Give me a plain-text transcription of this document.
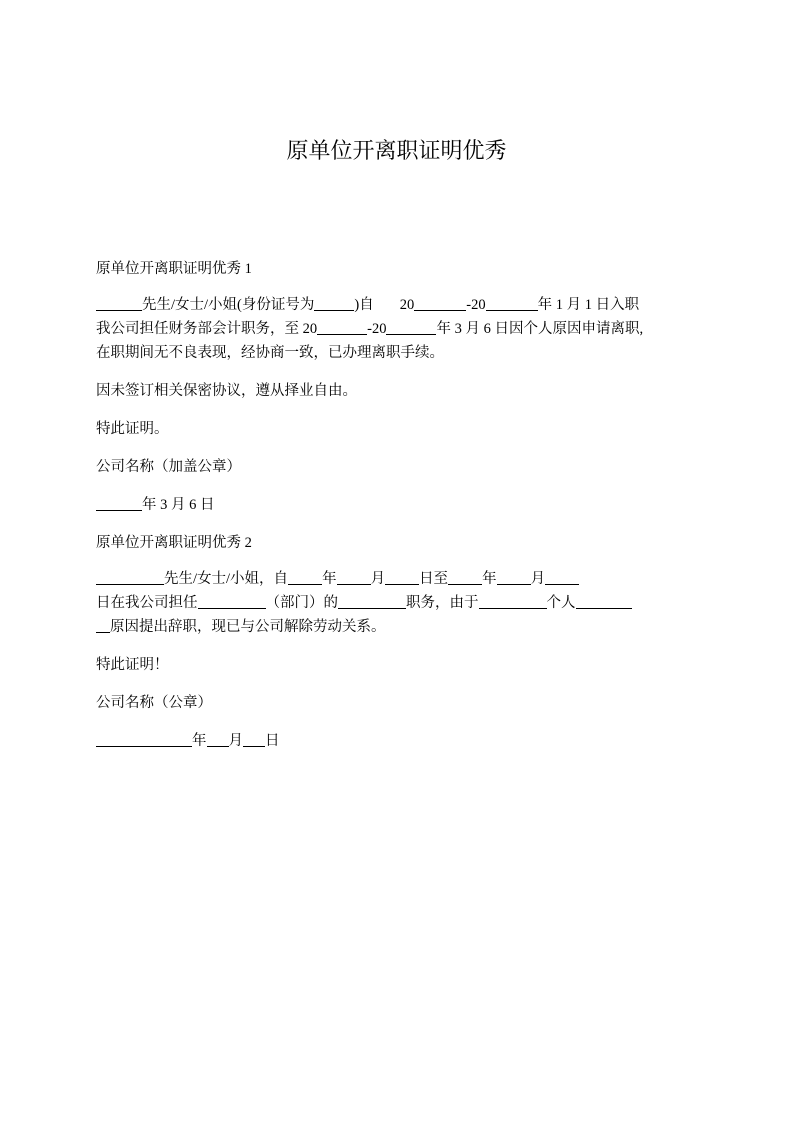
原单位开离职证明优秀

原单位开离职证明优秀 1

先生/女士/小姐(身份证号为	)自 20	-20	年 1 月 1 日入职

我公司担任财务部会计职务，至 20	-20	年 3 月 6 日因个人原因申请离职,

在职期间无不良表现，经协商一致，已办理离职手续。

因未签订相关保密协议，遵从择业自由。

特此证明。

公司名称（加盖公章）

年 3 月 6 日

原单位开离职证明优秀 2

先生/女士/小姐，自 年 月 日至 年 月

日在我公司担任	（部门）的	职务，由于	个人

原因提出辞职，现已与公司解除劳动关系。

特此证明！

公司名称（公章）

年 月 日
